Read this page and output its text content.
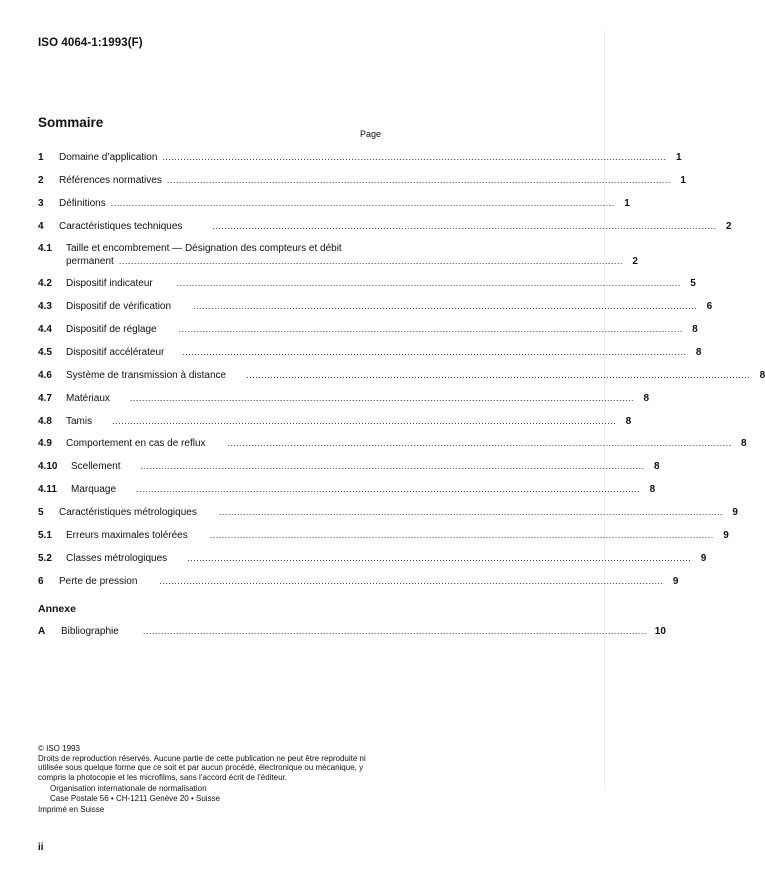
ISO 4064-1:1993(F)
Sommaire
Page
1	Domaine d’application .....	1
2	Références normatives .....	1
3	Définitions .....	1
4	Caractéristiques techniques .....	2
4.1	Taille et encombrement — Désignation des compteurs et débit
permanent .....	2
4.2	Dispositif indicateur .....	5
4.3	Dispositif de vérification .....	6
4.4	Dispositif de réglage .....	8
4.5	Dispositif accélérateur .....	8
4.6	Système de transmission à distance .....	8
4.7	Matériaux .....	8
4.8	Tamis .....	8
4.9	Comportement en cas de reflux .....	8
4.10	Scellement .....	8
4.11	Marquage .....	8
5	Caractéristiques métrologiques .....	9
5.1	Erreurs maximales tolérées .....	9
5.2	Classes métrologiques .....	9
6	Perte de pression .....	9
Annexe
A	Bibliographie .....	10
© ISO 1993
Droits de reproduction réservés. Aucune partie de cette publication ne peut être reproduite ni utilisée sous quelque forme que ce soit et par aucun procédé, électronique ou mécanique, y compris la photocopie et les microfilms, sans l’accord écrit de l’éditeur.
Organisation internationale de normalisation
Case Postale 56 • CH-1211 Genève 20 • Suisse
Imprimé en Suisse
ii
